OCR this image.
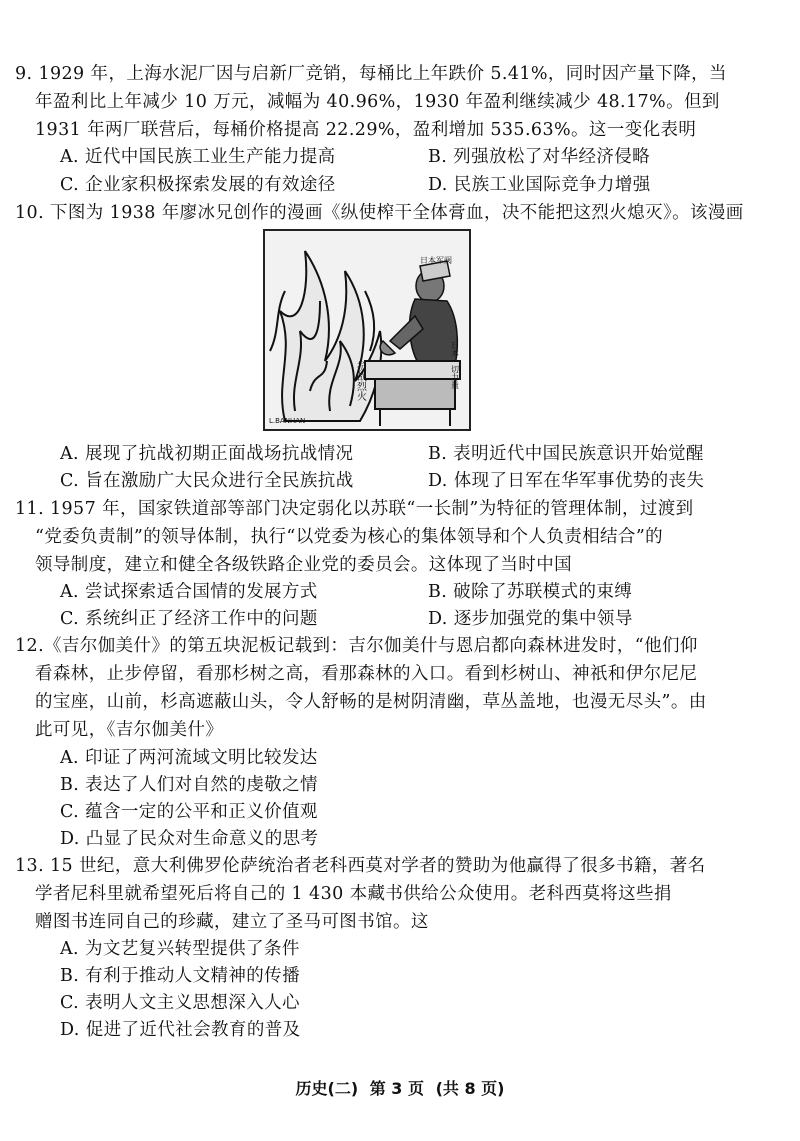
9. 1929 年，上海水泥厂因与启新厂竞销，每桶比上年跌价 5.41%，同时因产量下降，当
年盈利比上年减少 10 万元，减幅为 40.96%，1930 年盈利继续减少 48.17%。但到
1931 年两厂联营后，每桶价格提高 22.29%，盈利增加 535.63%。这一变化表明
A. 近代中国民族工业生产能力提高	B. 列强放松了对华经济侵略
C. 企业家积极探索发展的有效途径	D. 民族工业国际竞争力增强
10. 下图为 1938 年廖冰兄创作的漫画《纵使榨干全体膏血，决不能把这烈火熄灭》。该漫画
抗战烈火
日本军阀
日本一切力量
L.BANHAN
A. 展现了抗战初期正面战场抗战情况	B. 表明近代中国民族意识开始觉醒
C. 旨在激励广大民众进行全民族抗战	D. 体现了日军在华军事优势的丧失
11. 1957 年，国家铁道部等部门决定弱化以苏联“一长制”为特征的管理体制，过渡到
“党委负责制”的领导体制，执行“以党委为核心的集体领导和个人负责相结合”的
领导制度，建立和健全各级铁路企业党的委员会。这体现了当时中国
A. 尝试探索适合国情的发展方式	B. 破除了苏联模式的束缚
C. 系统纠正了经济工作中的问题	D. 逐步加强党的集中领导
12.《吉尔伽美什》的第五块泥板记载到：吉尔伽美什与恩启都向森林进发时，“他们仰
看森林，止步停留，看那杉树之高，看那森林的入口。看到杉树山、神祇和伊尔尼尼
的宝座，山前，杉高遮蔽山头，令人舒畅的是树阴清幽，草丛盖地，也漫无尽头”。由
此可见，《吉尔伽美什》
A. 印证了两河流域文明比较发达
B. 表达了人们对自然的虔敬之情
C. 蕴含一定的公平和正义价值观
D. 凸显了民众对生命意义的思考
13. 15 世纪，意大利佛罗伦萨统治者老科西莫对学者的赞助为他赢得了很多书籍，著名
学者尼科里就希望死后将自己的 1 430 本藏书供给公众使用。老科西莫将这些捐
赠图书连同自己的珍藏，建立了圣马可图书馆。这
A. 为文艺复兴转型提供了条件
B. 有利于推动人文精神的传播
C. 表明人文主义思想深入人心
D. 促进了近代社会教育的普及
历史(二) 第 3 页 (共 8 页)
